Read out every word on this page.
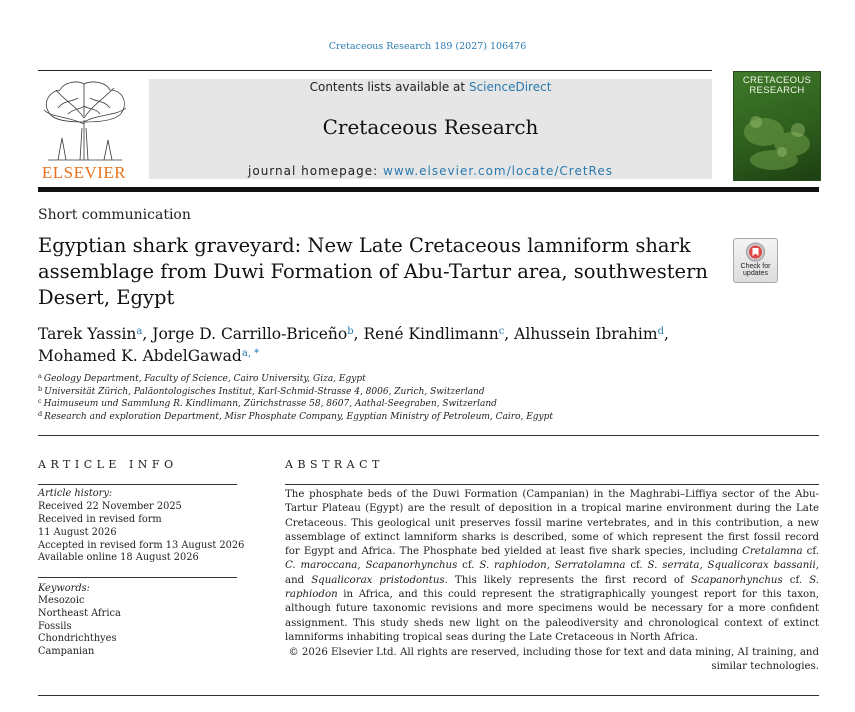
Cretaceous Research 189 (2027) 106476
ELSEVIER
Contents lists available at ScienceDirect
Cretaceous Research
journal homepage: www.elsevier.com/locate/CretRes
CRETACEOUS
RESEARCH
Short communication
Egyptian shark graveyard: New Late Cretaceous lamniform shark assemblage from Duwi Formation of Abu-Tartur area, southwestern Desert, Egypt
Check for
updates
Tarek Yassin$^a$, Jorge D. Carrillo-Briceño$^b$, René Kindlimann$^c$, Alhussein Ibrahim$^d$,
Mohamed K. AbdelGawad$^{a, *}$
$^a$ Geology Department, Faculty of Science, Cairo University, Giza, Egypt
$^b$ Universität Zürich, Paläontologisches Institut, Karl-Schmid-Strasse 4, 8006, Zurich, Switzerland
$^c$ Haimuseum und Sammlung R. Kindlimann, Zürichstrasse 58, 8607, Aathal-Seegraben, Switzerland
$^d$ Research and exploration Department, Misr Phosphate Company, Egyptian Ministry of Petroleum, Cairo, Egypt
ARTICLE INFO
Article history:
Received 22 November 2025
Received in revised form
11 August 2026
Accepted in revised form 13 August 2026
Available online 18 August 2026
Keywords:
Mesozoic
Northeast Africa
Fossils
Chondrichthyes
Campanian
ABSTRACT
The phosphate beds of the Duwi Formation (Campanian) in the Maghrabi–Liffiya sector of the Abu-Tartur Plateau (Egypt) are the result of deposition in a tropical marine environment during the Late Cretaceous. This geological unit preserves fossil marine vertebrates, and in this contribution, a new assemblage of extinct lamniform sharks is described, some of which represent the first fossil record for Egypt and Africa. The Phosphate bed yielded at least five shark species, including Cretalamna cf. C. maroccana, Scapanorhynchus cf. S. raphiodon, Serratolamna cf. S. serrata, Squalicorax bassanii, and Squalicorax pristodontus. This likely represents the first record of Scapanorhynchus cf. S. raphiodon in Africa, and this could represent the stratigraphically youngest report for this taxon, although future taxonomic revisions and more specimens would be necessary for a more confident assignment. This study sheds new light on the paleodiversity and chronological context of extinct lamniforms inhabiting tropical seas during the Late Cretaceous in North Africa.
© 2026 Elsevier Ltd. All rights are reserved, including those for text and data mining, AI training, and similar technologies.
